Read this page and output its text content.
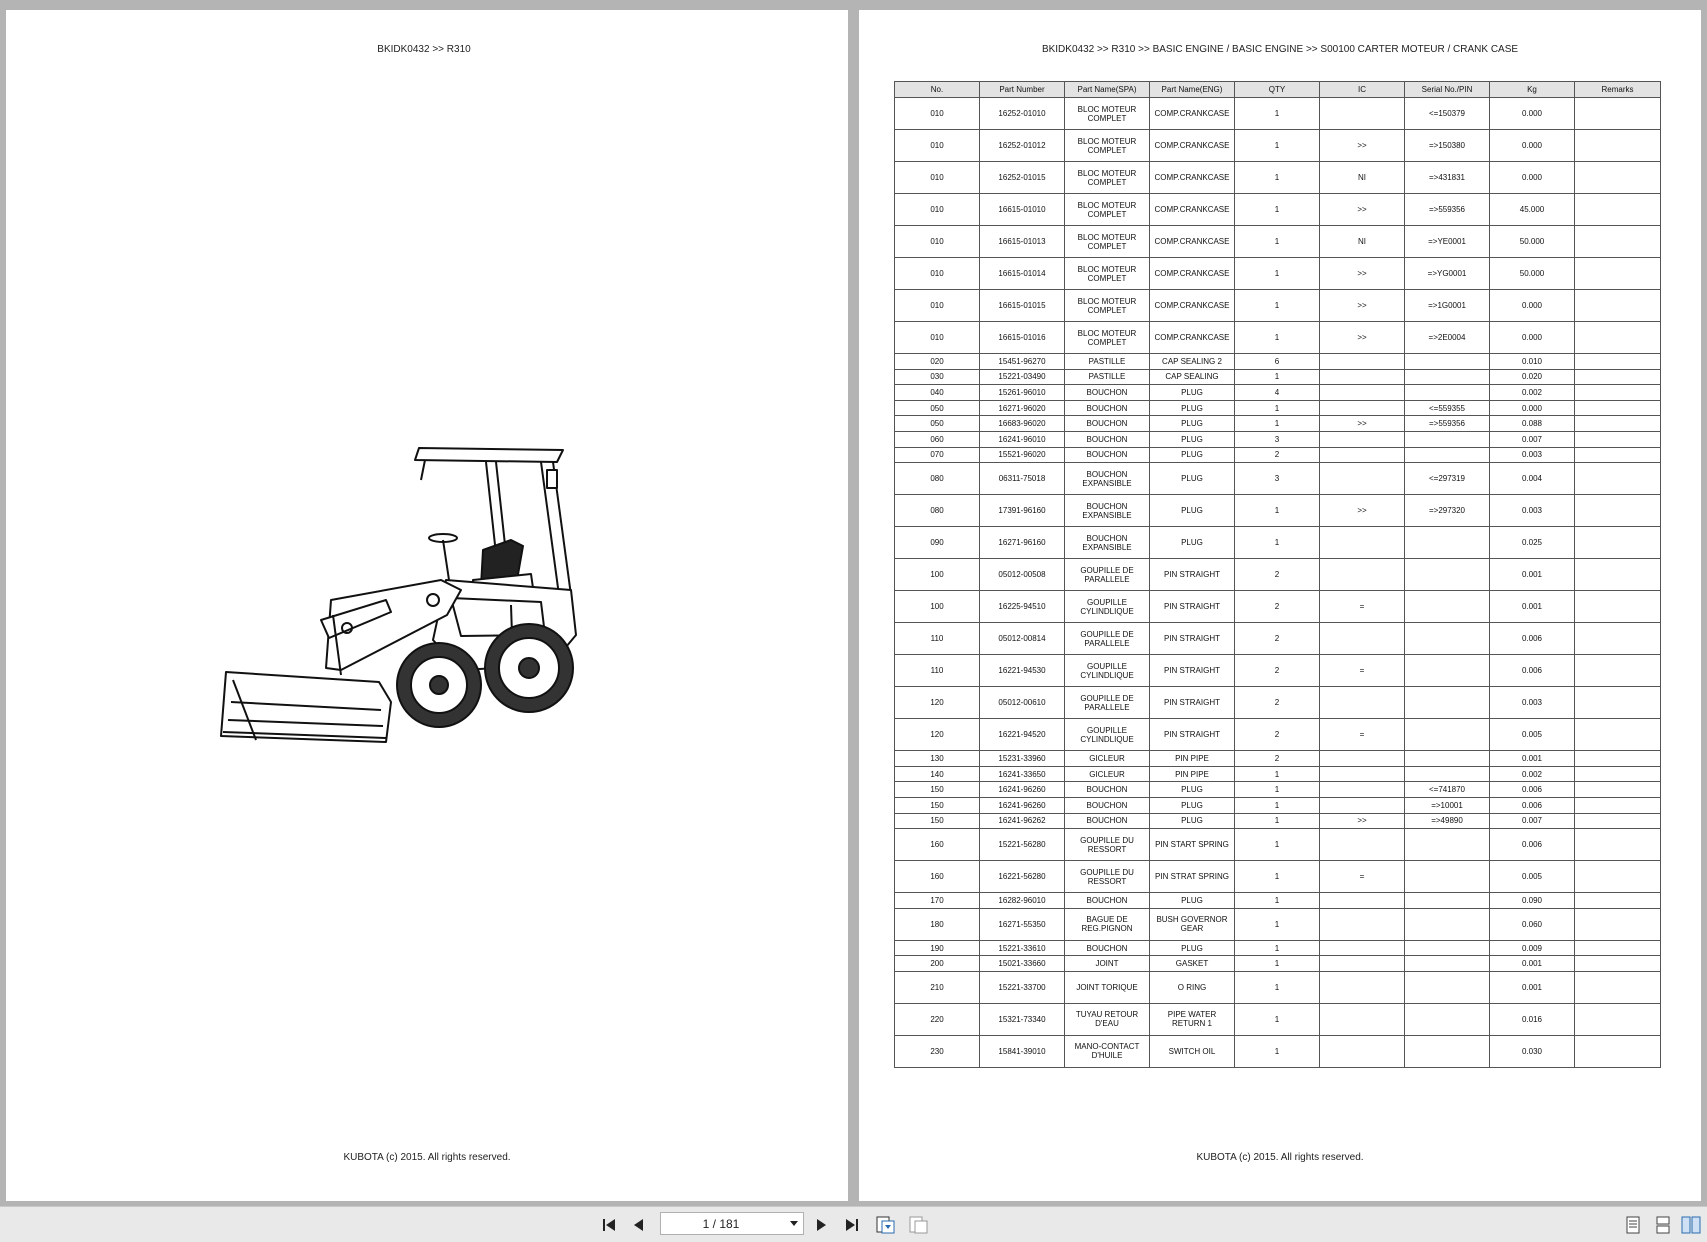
BKIDK0432 >> R310
KUBOTA (c) 2015. All rights reserved.
BKIDK0432 >> R310 >> BASIC ENGINE / BASIC ENGINE >> S00100 CARTER MOTEUR / CRANK CASE
No.	Part Number	Part Name(SPA)	Part Name(ENG)	QTY	IC	Serial No./PIN	Kg	Remarks
010	16252-01010	BLOC MOTEUR COMPLET	COMP.CRANKCASE	1		<=150379	0.000	
010	16252-01012	BLOC MOTEUR COMPLET	COMP.CRANKCASE	1	>>	=>150380	0.000	
010	16252-01015	BLOC MOTEUR COMPLET	COMP.CRANKCASE	1	NI	=>431831	0.000	
010	16615-01010	BLOC MOTEUR COMPLET	COMP.CRANKCASE	1	>>	=>559356	45.000	
010	16615-01013	BLOC MOTEUR COMPLET	COMP.CRANKCASE	1	NI	=>YE0001	50.000	
010	16615-01014	BLOC MOTEUR COMPLET	COMP.CRANKCASE	1	>>	=>YG0001	50.000	
010	16615-01015	BLOC MOTEUR COMPLET	COMP.CRANKCASE	1	>>	=>1G0001	0.000	
010	16615-01016	BLOC MOTEUR COMPLET	COMP.CRANKCASE	1	>>	=>2E0004	0.000	
020	15451-96270	PASTILLE	CAP SEALING 2	6			0.010	
030	15221-03490	PASTILLE	CAP SEALING	1			0.020	
040	15261-96010	BOUCHON	PLUG	4			0.002	
050	16271-96020	BOUCHON	PLUG	1		<=559355	0.000	
050	16683-96020	BOUCHON	PLUG	1	>>	=>559356	0.088	
060	16241-96010	BOUCHON	PLUG	3			0.007	
070	15521-96020	BOUCHON	PLUG	2			0.003	
080	06311-75018	BOUCHON EXPANSIBLE	PLUG	3		<=297319	0.004	
080	17391-96160	BOUCHON EXPANSIBLE	PLUG	1	>>	=>297320	0.003	
090	16271-96160	BOUCHON EXPANSIBLE	PLUG	1			0.025	
100	05012-00508	GOUPILLE DE PARALLELE	PIN STRAIGHT	2			0.001	
100	16225-94510	GOUPILLE CYLINDLIQUE	PIN STRAIGHT	2	=		0.001	
110	05012-00814	GOUPILLE DE PARALLELE	PIN STRAIGHT	2			0.006	
110	16221-94530	GOUPILLE CYLINDLIQUE	PIN STRAIGHT	2	=		0.006	
120	05012-00610	GOUPILLE DE PARALLELE	PIN STRAIGHT	2			0.003	
120	16221-94520	GOUPILLE CYLINDLIQUE	PIN STRAIGHT	2	=		0.005	
130	15231-33960	GICLEUR	PIN PIPE	2			0.001	
140	16241-33650	GICLEUR	PIN PIPE	1			0.002	
150	16241-96260	BOUCHON	PLUG	1		<=741870	0.006	
150	16241-96260	BOUCHON	PLUG	1		=>10001	0.006	
150	16241-96262	BOUCHON	PLUG	1	>>	=>49890	0.007	
160	15221-56280	GOUPILLE DU RESSORT	PIN START SPRING	1			0.006	
160	16221-56280	GOUPILLE DU RESSORT	PIN STRAT SPRING	1	=		0.005	
170	16282-96010	BOUCHON	PLUG	1			0.090	
180	16271-55350	BAGUE DE REG.PIGNON	BUSH GOVERNOR GEAR	1			0.060	
190	15221-33610	BOUCHON	PLUG	1			0.009	
200	15021-33660	JOINT	GASKET	1			0.001	
210	15221-33700	JOINT TORIQUE	O RING	1			0.001	
220	15321-73340	TUYAU RETOUR D'EAU	PIPE WATER RETURN 1	1			0.016	
230	15841-39010	MANO-CONTACT D'HUILE	SWITCH OIL	1			0.030	
KUBOTA (c) 2015. All rights reserved.
1 / 181
